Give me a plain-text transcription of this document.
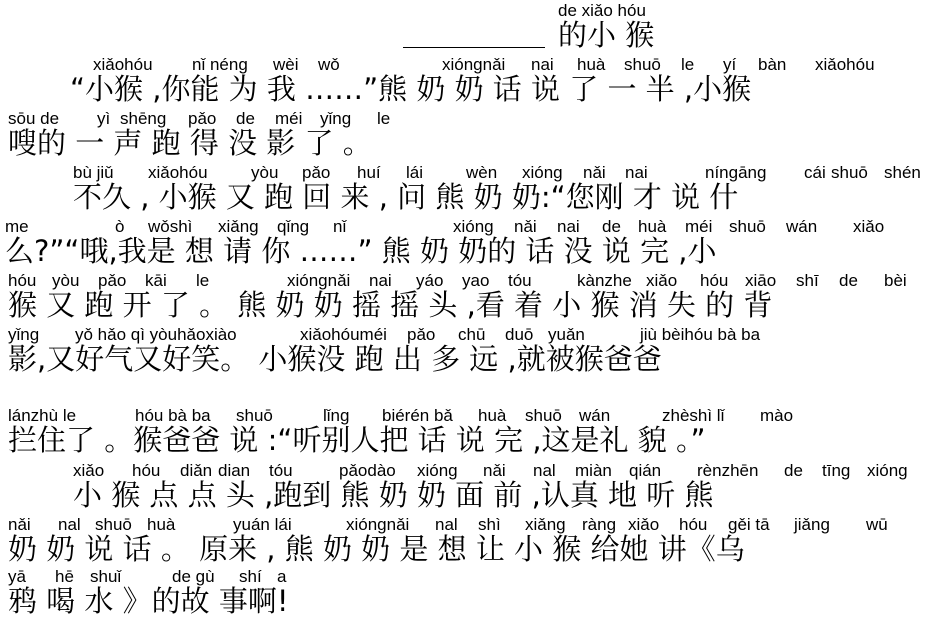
de xiǎo hóu
的小 猴
xiǎohóu nǐ néng wèi wǒ	xióngnǎi nai huà shuō le yí bàn xiǎohóu
“小猴 ,你能 为 我 ……”熊 奶 奶 话 说 了 一 半 ,小猴
sōu de yì shēng pǎo de méi yǐng le
嗖的 一 声 跑 得 没 影 了 。
bù jiǔ xiǎohóu	yòu pǎo huí lái	wèn xióng nǎi nai	níngāng cái shuō shén
不久 , 小猴 又 跑 回 来 , 问 熊 奶 奶:“您刚 才 说 什
me	ò wǒshì xiǎng qǐng nǐ	xióng nǎi nai de huà méi shuō wán xiǎo
么?”“哦,我是 想 请 你 ……” 熊 奶 奶的 话 没 说 完 ,小
hóu yòu pǎo kāi le	xióngnǎi nai yáo yao tóu	kànzhe xiǎo hóu xiāo shī de bèi
猴 又 跑 开 了 。 熊 奶 奶 摇 摇 头 ,看 着 小 猴 消 失 的 背
yǐng yǒ hǎo qì yòuhǎoxiào	xiǎohóuméi pǎo chū duō yuǎn	jiù bèihóu bà ba
影,又好气又好笑。 小猴没 跑 出 多 远 ,就被猴爸爸
lánzhù le	hóu bà ba shuō	lǐng biérén bǎ huà shuō wán	zhèshì lǐ mào
拦住了 。猴爸爸 说 :“听别人把 话 说 完 ,这是礼 貌 。”
xiǎo hóu diǎn dian tóu	pǎodào xióng nǎi nal miàn qián rènzhēn de tīng xióng
小 猴 点 点 头 ,跑到 熊 奶 奶 面 前 ,认真 地 听 熊
nǎi nal shuō huà	yuán lái	xióngnǎi nal shì xiǎng ràng xiǎo hóu gěi tā jiǎng wū
奶 奶 说 话 。 原来 , 熊 奶 奶 是 想 让 小 猴 给她 讲《乌
yā hē shuǐ	de gù shí a
鸦 喝 水 》的故 事啊!
